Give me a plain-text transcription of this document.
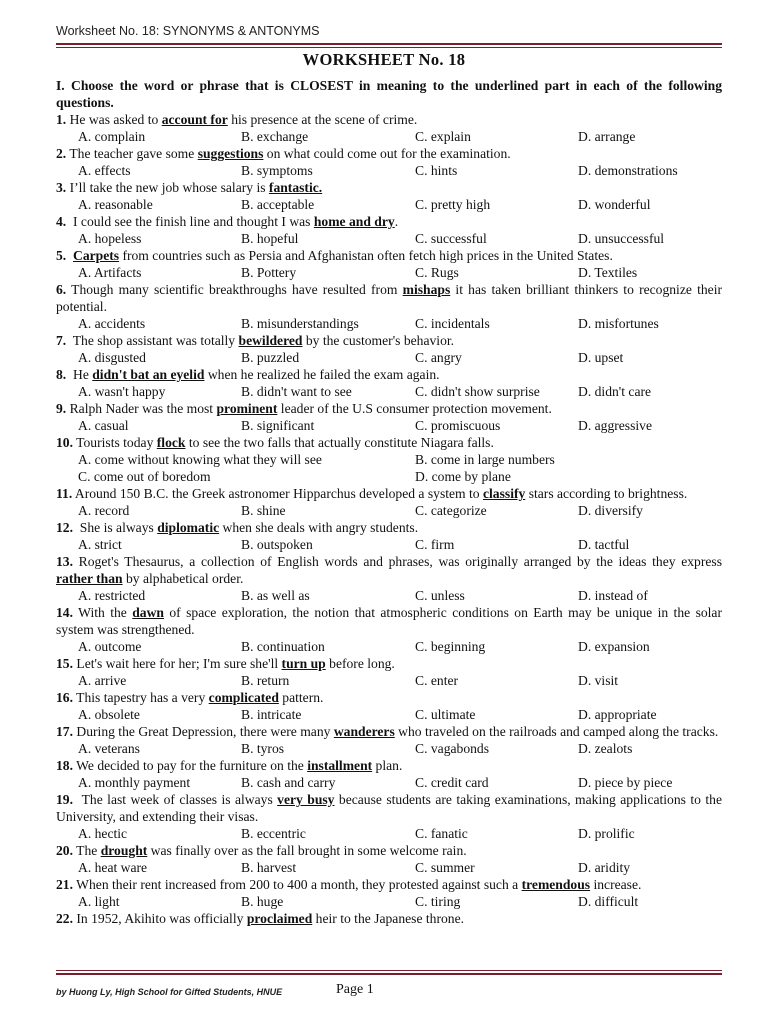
Worksheet No. 18: SYNONYMS & ANTONYMS
WORKSHEET No. 18
I. Choose the word or phrase that is CLOSEST in meaning to the underlined part in each of the following questions.
1. He was asked to account for his presence at the scene of crime.
A. complain	B. exchange	C. explain	D. arrange
2. The teacher gave some suggestions on what could come out for the examination.
A. effects	B. symptoms	C. hints	D. demonstrations
3. I’ll take the new job whose salary is fantastic.
A. reasonable	B. acceptable	C. pretty high	D. wonderful
4.  I could see the finish line and thought I was home and dry.
A. hopeless	B. hopeful	C. successful	D. unsuccessful
5. Carpets from countries such as Persia and Afghanistan often fetch high prices in the United States.
A. Artifacts	B. Pottery	C. Rugs	D. Textiles
6. Though many scientific breakthroughs have resulted from mishaps it has taken brilliant thinkers to recognize their potential.
A. accidents	B. misunderstandings	C. incidentals	D. misfortunes
7.  The shop assistant was totally bewildered by the customer's behavior.
A. disgusted	B. puzzled	C. angry	D. upset
8.  He didn't bat an eyelid when he realized he failed the exam again.
A. wasn't happy	B. didn't want to see	C. didn't show surprise	D. didn't care
9. Ralph Nader was the most prominent leader of the U.S consumer protection movement.
A. casual	B. significant	C. promiscuous	D. aggressive
10. Tourists today flock to see the two falls that actually constitute Niagara falls.
A. come without knowing what they will see	B. come in large numbers
C. come out of boredom	D. come by plane
11. Around 150 B.C. the Greek astronomer Hipparchus developed a system to classify stars according to brightness.
A. record	B. shine	C. categorize	D. diversify
12.  She is always diplomatic when she deals with angry students.
A. strict	B. outspoken	C. firm	D. tactful
13. Roget's Thesaurus, a collection of English words and phrases, was originally arranged by the ideas they express rather than by alphabetical order.
A. restricted	B. as well as	C. unless	D. instead of
14. With the dawn of space exploration, the notion that atmospheric conditions on Earth may be unique in the solar system was strengthened.
A. outcome	B. continuation	C. beginning	D. expansion
15. Let's wait here for her; I'm sure she'll turn up before long.
A. arrive	B. return	C. enter	D. visit
16. This tapestry has a very complicated pattern.
A. obsolete	B. intricate	C. ultimate	D. appropriate
17. During the Great Depression, there were many wanderers who traveled on the railroads and camped along the tracks.
A. veterans	B. tyros	C. vagabonds	D. zealots
18. We decided to pay for the furniture on the installment plan.
A. monthly payment	B. cash and carry	C. credit card	D. piece by piece
19.  The last week of classes is always very busy because students are taking examinations, making applications to the University, and extending their visas.
A. hectic	B. eccentric	C. fanatic	D. prolific
20. The drought was finally over as the fall brought in some welcome rain.
A. heat ware	B. harvest	C. summer	D. aridity
21. When their rent increased from 200 to 400 a month, they protested against such a tremendous increase.
A. light	B. huge	C. tiring	D. difficult
22. In 1952, Akihito was officially proclaimed heir to the Japanese throne.
by Huong Ly, High School for Gifted Students, HNUE	Page 1
